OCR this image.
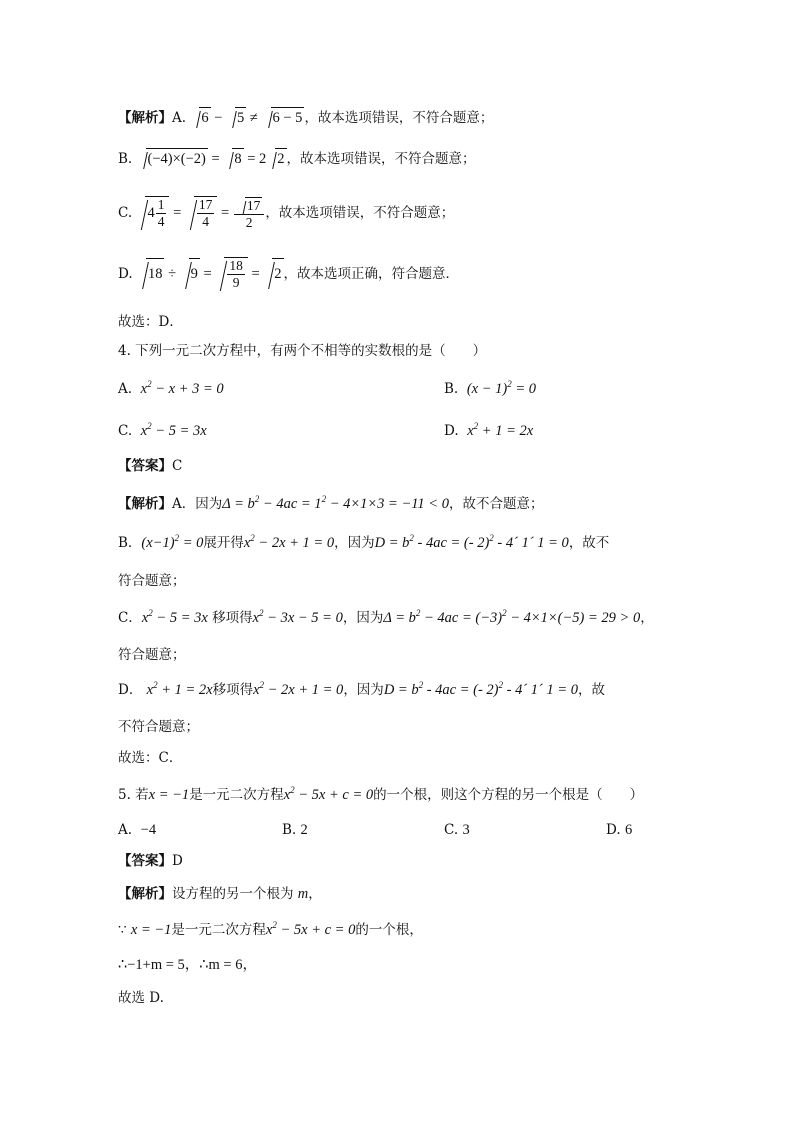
【解析】A. 6 − 5 ≠ 6 − 5 ，故本选项错误，不符合题意；
B. (−4)×(−2) = 8 = 2 2 ，故本选项错误，不符合题意；
C. $4 \frac{1}{4} = \frac{17}{4} = \frac{17}{2}$ ，故本选项错误，不符合题意；
D. $18 \div 9 = \frac{18}{9} = 2$ ，故本选项正确，符合题意．
故选：D．
4. 下列一元二次方程中，有两个不相等的实数根的是（　　）
A. $x^2 - x + 3 = 0$	B. $(x - 1)^2 = 0$
C. $x^2 - 5 = 3x$	D. $x^2 + 1 = 2x$
【答案】C
【解析】A．因为$\Delta = b^2 - 4ac = 1^2 - 4\times 1\times 3 = -11 < 0$，故不合题意；
B．$(x-1)^2 = 0$展开得$x^2 - 2x + 1 = 0$，因为$D = b^2 - 4ac$ = (- 2)$^2$ - 4´ 1´ 1 = 0，故不
符合题意；
C．$x^2 - 5 = 3x$ 移项得$x^2 - 3x - 5 = 0$，因为$\Delta = b^2 - 4ac = (-3)^2 - 4\times 1\times(-5) = 29 > 0$，
符合题意；
D． $x^2 + 1 = 2x$移项得$x^2 - 2x + 1 = 0$，因为$D = b^2 - 4ac$ = (- 2)$^2$ - 4´ 1´ 1 = 0，故
不符合题意；
故选：C．
5. 若x = −1是一元二次方程$x^2 - 5x + c = 0$的一个根，则这个方程的另一个根是（　　）
A. −4	B. 2	C. 3	D. 6
【答案】D
【解析】设方程的另一个根为 m，
∵ x = −1是一元二次方程$x^2 - 5x + c = 0$的一个根，
∴−1+m = 5，∴m = 6，
故选 D.
